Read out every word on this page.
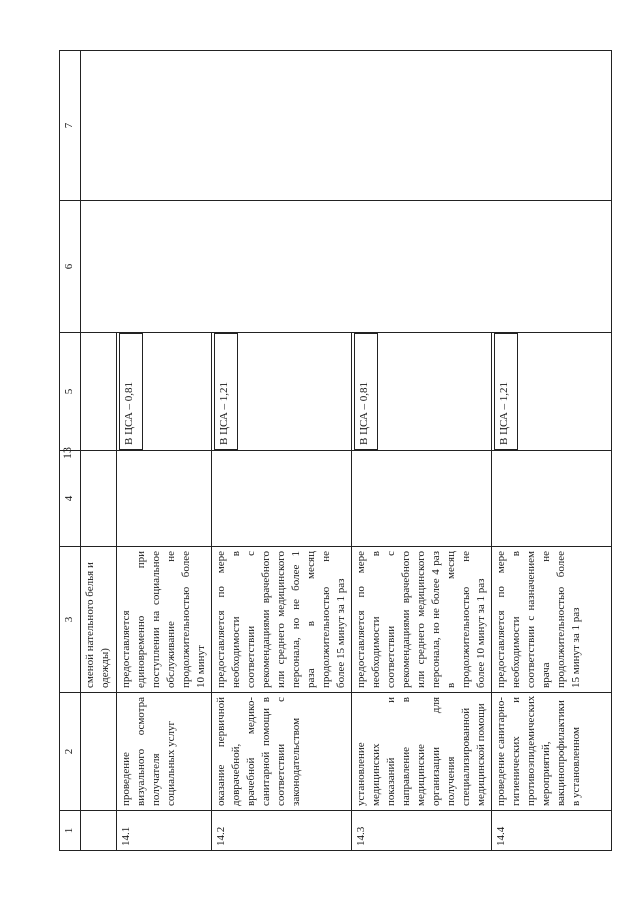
13
1	2	3	4	5	6	7
		сменой нательного белья и одежды)				
14.1	проведение визуального осмотра получателя социальных услуг	предоставляется единовременно при поступлении на социальное обслуживание не продолжительностью более 10 минут		В ЦСА – 0,81		

14.2	оказание первичной доврачебной, врачебной медико-санитарной помощи в соответствии с законодательством	предоставляется по мере необходимости в соответствии с рекомендациями врачебного или среднего медицинского персонала, но не более 1 раза в месяц продолжительностью не более 15 минут за 1 раз		В ЦСА – 1,21		

14.3	установление медицинских показаний и направление в медицинские организации для получения специализированной медицинской помощи	предоставляется по мере необходимости в соответствии с рекомендациями врачебного или среднего медицинского персонала, но не более 4 раз в месяц продолжительностью не более 10 минут за 1 раз		В ЦСА – 0,81		

14.4	проведение санитарно-гигиенических и противоэпидемических мероприятий, вакцинопрофилактики в установленном	предоставляется по мере необходимости в соответствии с назначением врача не продолжительностью более 15 минут за 1 раз		В ЦСА – 1,21		
